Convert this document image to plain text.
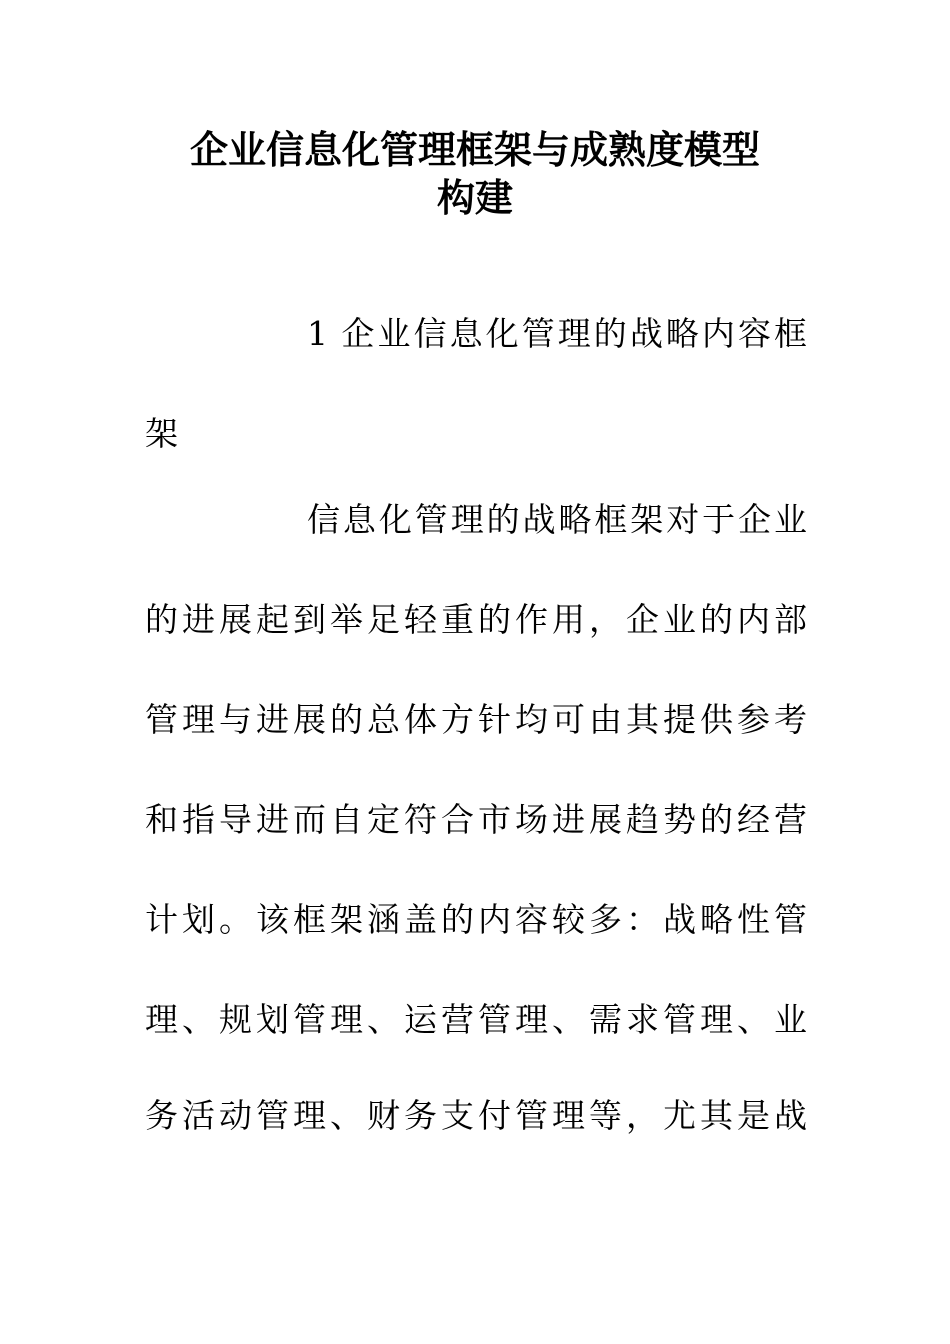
企业信息化管理框架与成熟度模型
构建
1 企业信息化管理的战略内容框
架
信息化管理的战略框架对于企业
的进展起到举足轻重的作用，企业的内部
管理与进展的总体方针均可由其提供参考
和指导进而自定符合市场进展趋势的经营
计划。该框架涵盖的内容较多：战略性管
理、规划管理、运营管理、需求管理、业
务活动管理、财务支付管理等，尤其是战
